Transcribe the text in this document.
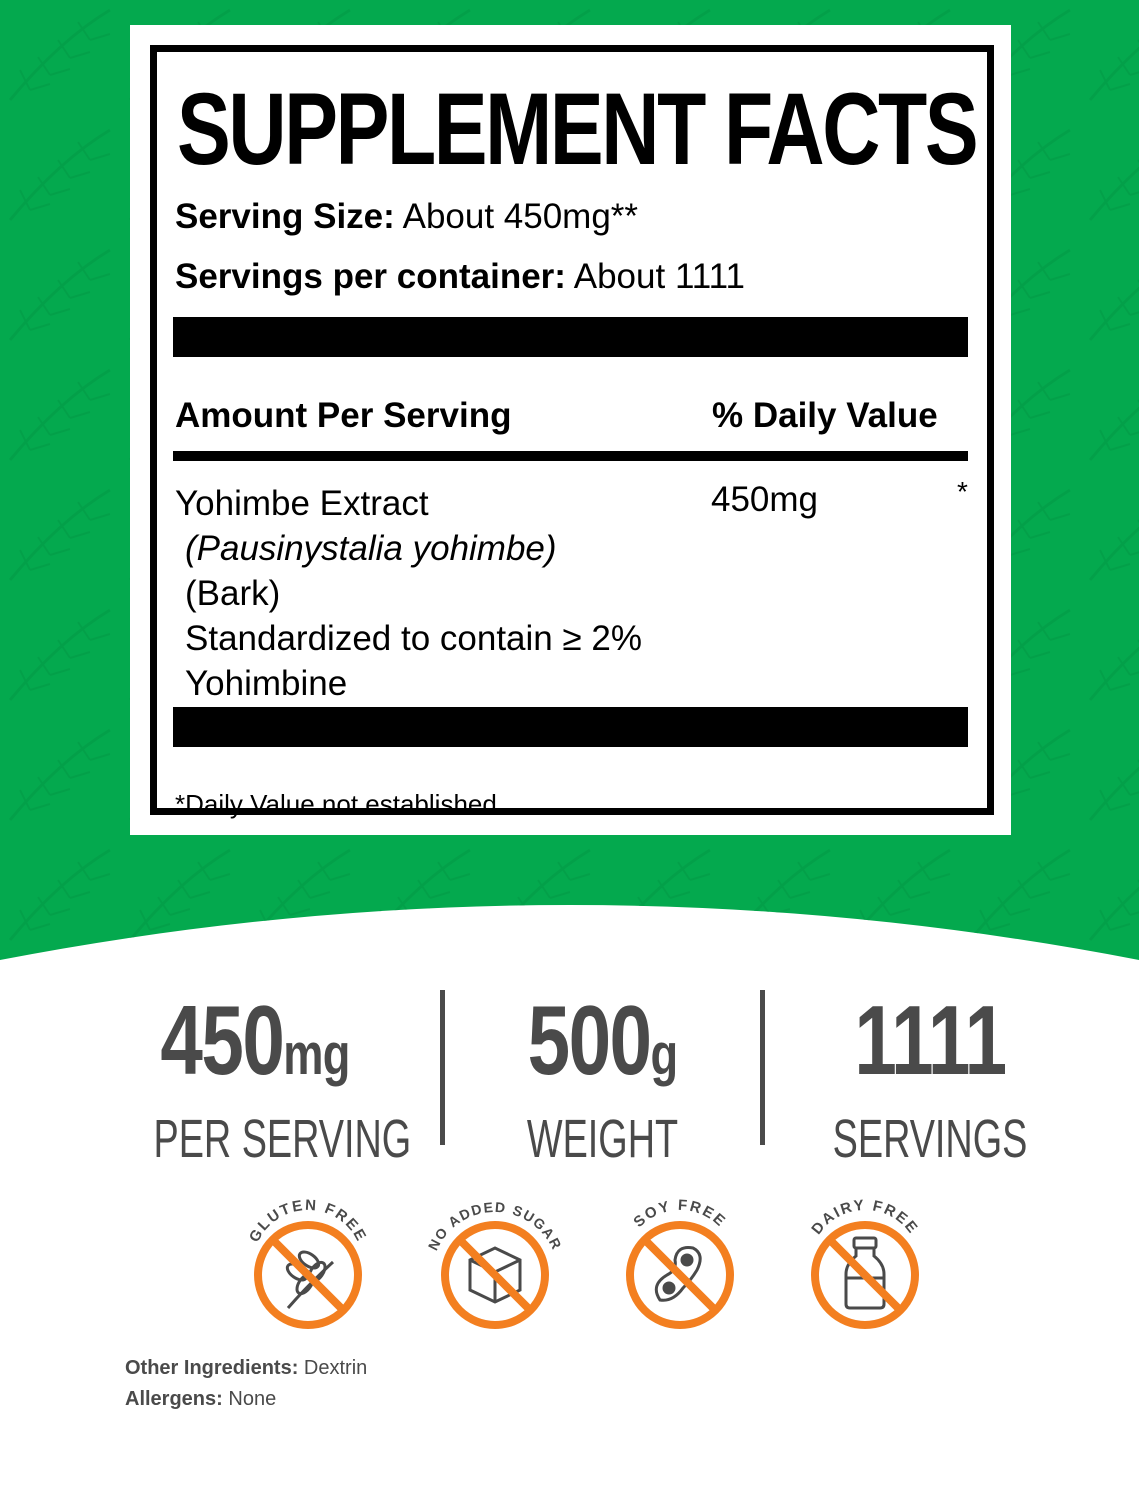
SUPPLEMENT FACTS
Serving Size: About 450mg**
Servings per container: About 1111
Amount Per Serving	% Daily Value
Yohimbe Extract
(Pausinystalia yohimbe)
(Bark)
Standardized to contain ≥ 2%
Yohimbine
450mg	*
*Daily Value not established.
450mg
PER SERVING
500g
WEIGHT
1111
SERVINGS
GLUTEN FREE	NO ADDED SUGAR
SOY FREE	DAIRY FREE
Other Ingredients: Dextrin
Allergens: None
